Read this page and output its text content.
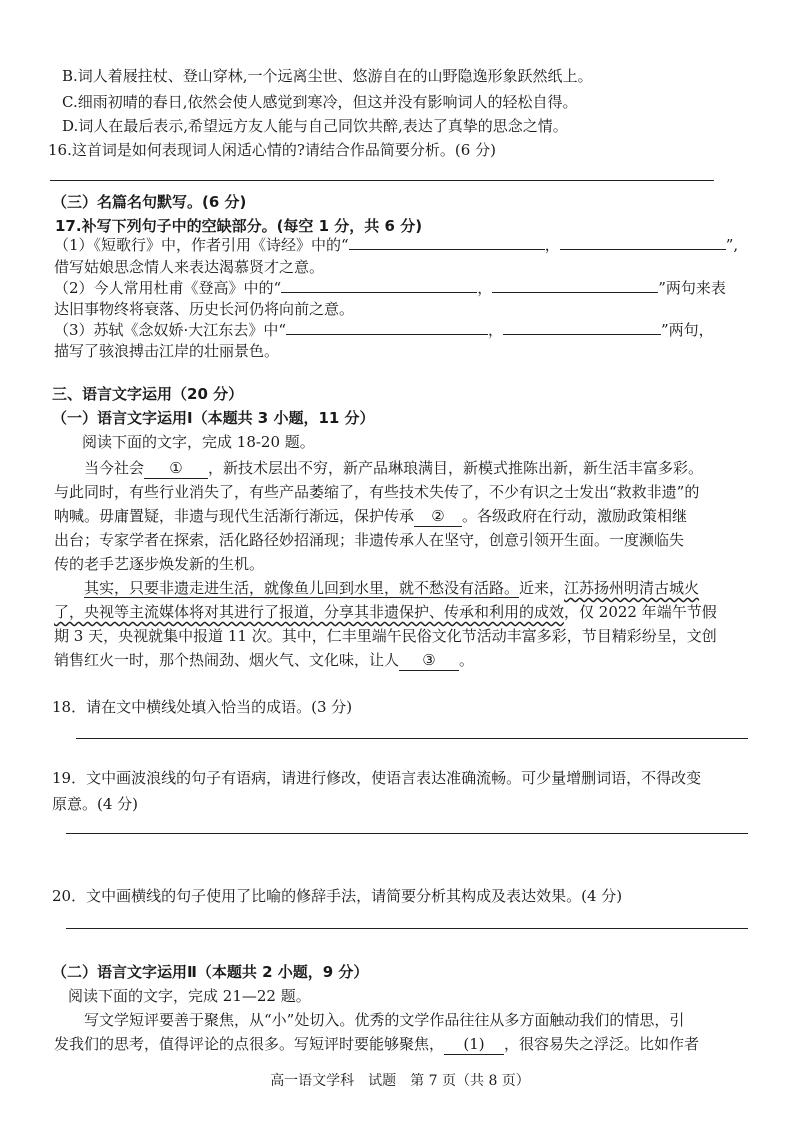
B.词人着屐拄杖、登山穿林,一个远离尘世、悠游自在的山野隐逸形象跃然纸上。
C.细雨初晴的春日,依然会使人感觉到寒冷，但这并没有影响词人的轻松自得。
D.词人在最后表示,希望远方友人能与自己同饮共醉,表达了真挚的思念之情。
16.这首词是如何表现词人闲适心情的?请结合作品简要分析。(6 分)
（三）名篇名句默写。(6 分)
17.补写下列句子中的空缺部分。(每空 1 分，共 6 分)
（1）《短歌行》中，作者引用《诗经》中的“	，	”,
借写姑娘思念情人来表达渴慕贤才之意。
（2）今人常用杜甫《登高》中的“	，	”两句来表
达旧事物终将衰落、历史长河仍将向前之意。
（3）苏轼《念奴娇·大江东去》中“	，	”两句，
描写了骇浪搏击江岸的壮丽景色。
三、语言文字运用（20 分）
（一）语言文字运用Ⅰ（本题共 3 小题，11 分）
阅读下面的文字，完成 18-20 题。
当今社会 ① ，新技术层出不穷，新产品琳琅满目，新模式推陈出新，新生活丰富多彩。
与此同时，有些行业消失了，有些产品萎缩了，有些技术失传了，不少有识之士发出“救救非遗”的
呐喊。毋庸置疑，非遗与现代生活渐行渐远，保护传承 ② 。各级政府在行动，激励政策相继
出台；专家学者在探索，活化路径妙招涌现；非遗传承人在坚守，创意引领开生面。一度濒临失
传的老手艺逐步焕发新的生机。
其实，只要非遗走进生活，就像鱼儿回到水里，就不愁没有活路。近来，江苏扬州明清古城火
了，央视等主流媒体将对其进行了报道，分享其非遗保护、传承和利用的成效，仅 2022 年端午节假
期 3 天，央视就集中报道 11 次。其中，仁丰里端午民俗文化节活动丰富多彩，节目精彩纷呈，文创
销售红火一时，那个热闹劲、烟火气、文化味，让人 ③ 。
18．请在文中横线处填入恰当的成语。(3 分)
19．文中画波浪线的句子有语病，请进行修改，使语言表达准确流畅。可少量增删词语，不得改变
原意。(4 分)
20．文中画横线的句子使用了比喻的修辞手法，请简要分析其构成及表达效果。(4 分)
（二）语言文字运用Ⅱ（本题共 2 小题，9 分）
阅读下面的文字，完成 21—22 题。
写文学短评要善于聚焦，从“小”处切入。优秀的文学作品往往从多方面触动我们的情思，引
发我们的思考，值得评论的点很多。写短评时要能够聚焦， (1) ，很容易失之浮泛。比如作者
高一语文学科　试题　第 7 页（共 8 页）
